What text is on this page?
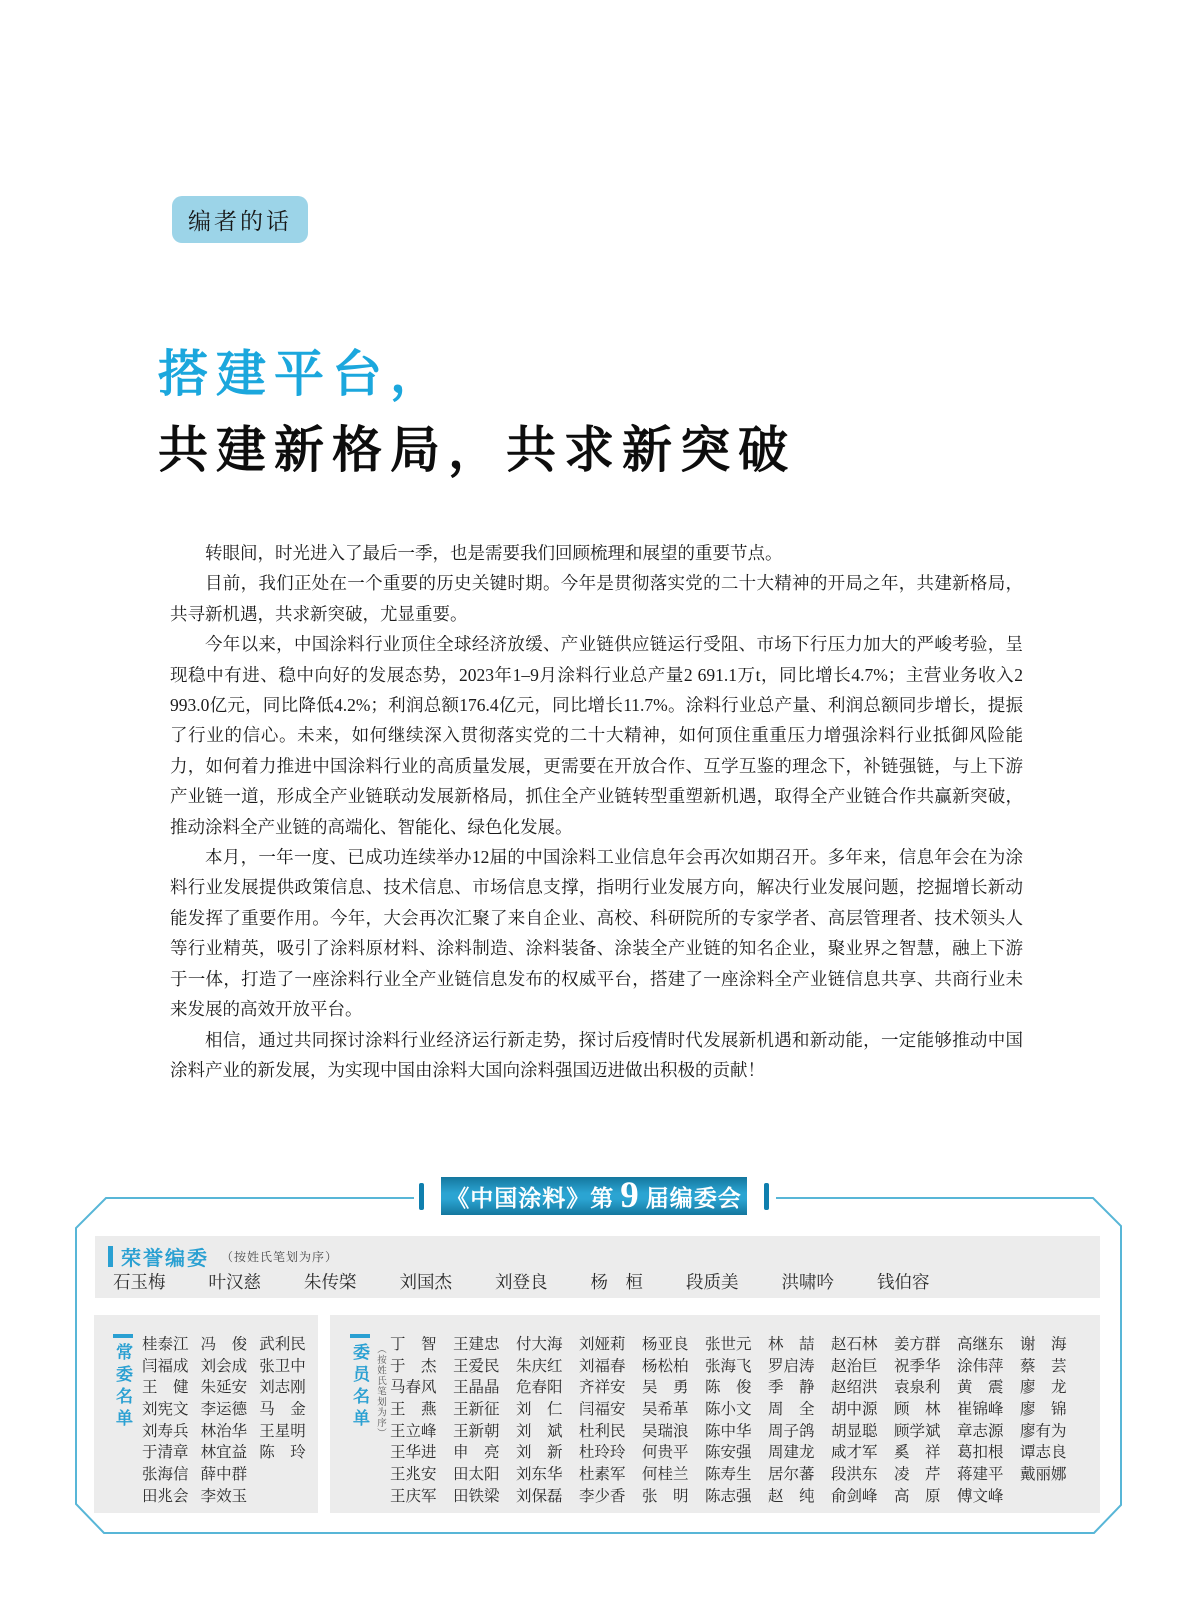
编者的话
搭建平台，
共建新格局，共求新突破

转眼间，时光进入了最后一季，也是需要我们回顾梳理和展望的重要节点。

目前，我们正处在一个重要的历史关键时期。今年是贯彻落实党的二十大精神的开局之年，共建新格局，共寻新机遇，共求新突破，尤显重要。

今年以来，中国涂料行业顶住全球经济放缓、产业链供应链运行受阻、市场下行压力加大的严峻考验，呈现稳中有进、稳中向好的发展态势，2023年1–9月涂料行业总产量2 691.1万t，同比增长4.7%；主营业务收入2 993.0亿元，同比降低4.2%；利润总额176.4亿元，同比增长11.7%。涂料行业总产量、利润总额同步增长，提振了行业的信心。未来，如何继续深入贯彻落实党的二十大精神，如何顶住重重压力增强涂料行业抵御风险能力，如何着力推进中国涂料行业的高质量发展，更需要在开放合作、互学互鉴的理念下，补链强链，与上下游产业链一道，形成全产业链联动发展新格局，抓住全产业链转型重塑新机遇，取得全产业链合作共赢新突破，推动涂料全产业链的高端化、智能化、绿色化发展。

本月，一年一度、已成功连续举办12届的中国涂料工业信息年会再次如期召开。多年来，信息年会在为涂料行业发展提供政策信息、技术信息、市场信息支撑，指明行业发展方向，解决行业发展问题，挖掘增长新动能发挥了重要作用。今年，大会再次汇聚了来自企业、高校、科研院所的专家学者、高层管理者、技术领头人等行业精英，吸引了涂料原材料、涂料制造、涂料装备、涂装全产业链的知名企业，聚业界之智慧，融上下游于一体，打造了一座涂料行业全产业链信息发布的权威平台，搭建了一座涂料全产业链信息共享、共商行业未来发展的高效开放平台。

相信，通过共同探讨涂料行业经济运行新走势，探讨后疫情时代发展新机遇和新动能，一定能够推动中国涂料产业的新发展，为实现中国由涂料大国向涂料强国迈进做出积极的贡献！

《中国涂料》第 9 届编委会
荣誉编委 （按姓氏笔划为序）
石玉梅 叶汉慈 朱传棨 刘国杰 刘登良 杨　桓 段质美 洪啸吟 钱伯容
常委名单 桂泰江 冯　俊 武利民
闫福成 刘会成 张卫中
王　健 朱延安 刘志刚
刘宪文 李运德 马　金
刘寿兵 林治华 王星明
于清章 林宜益 陈　玲
张海信 薛中群
田兆会 李效玉
委员名单 （按姓氏笔划为序） 丁　智	王建忠	付大海	刘娅莉	杨亚良	张世元	林　喆	赵石林	姜方群	高继东	谢　海
于　杰	王爱民	朱庆红	刘福春	杨松柏	张海飞	罗启涛	赵治巨	祝季华	涂伟萍	蔡　芸
马春风	王晶晶	危春阳	齐祥安	吴　勇	陈　俊	季　静	赵绍洪	袁泉利	黄　震	廖　龙
王　燕	王新征	刘　仁	闫福安	吴希革	陈小文	周　全	胡中源	顾　林	崔锦峰	廖　锦
王立峰	王新朝	刘　斌	杜利民	吴瑞浪	陈中华	周子鸽	胡显聪	顾学斌	章志源	廖有为
王华进	申　亮	刘　新	杜玲玲	何贵平	陈安强	周建龙	咸才军	奚　祥	葛扣根	谭志良
王兆安	田太阳	刘东华	杜素军	何桂兰	陈寿生	居尔蕃	段洪东	凌　芹	蒋建平	戴丽娜
王庆军	田铁梁	刘保磊	李少香	张　明	陈志强	赵　纯	俞剑峰	高　原	傅文峰
